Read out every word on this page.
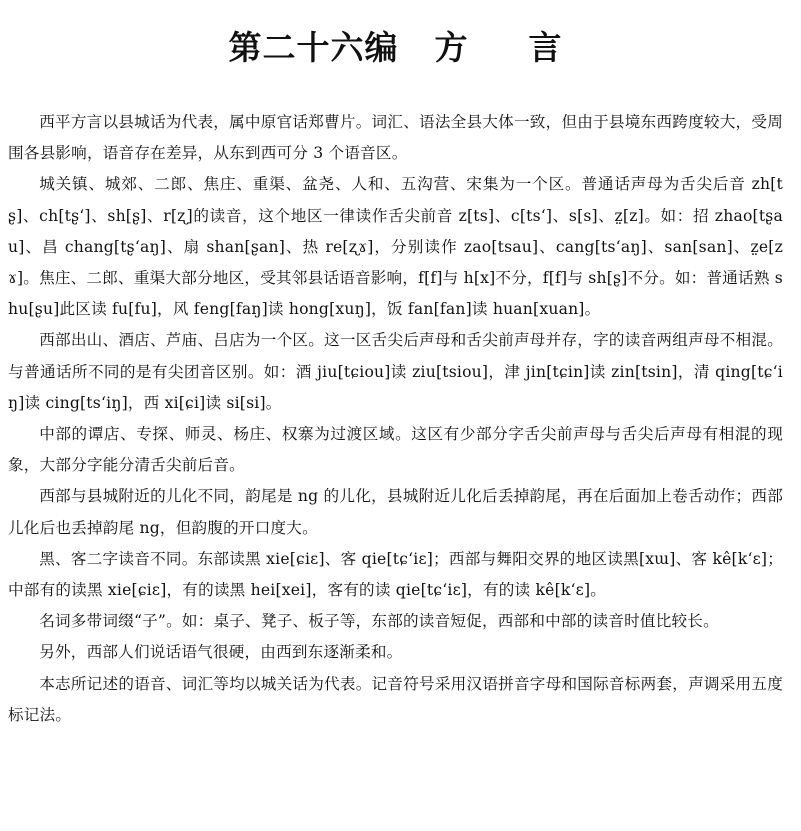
第二十六编 方 言

西平方言以县城话为代表，属中原官话郑曹片。词汇、语法全县大体一致，但由于县境东西跨度较大，受周围各县影响，语音存在差异，从东到西可分 3 个语音区。

城关镇、城郊、二郎、焦庄、重渠、盆尧、人和、五沟营、宋集为一个区。普通话声母为舌尖后音 zh[tʂ]、ch[tʂ‘]、sh[ʂ]、r[ʐ]的读音，这个地区一律读作舌尖前音 z[ts]、c[ts‘]、s[s]、z̤[z]。如：招 zhao[tʂau]、昌 chang[tʂ‘aŋ]、扇 shan[ʂan]、热 re[ʐɤ]，分别读作 zao[tsau]、cang[ts‘aŋ]、san[san]、z̤e[zɤ]。焦庄、二郎、重渠大部分地区，受其邻县话语音影响，f[f]与 h[x]不分，f[f]与 sh[ʂ]不分。如：普通话熟 shu[ʂu]此区读 fu[fu]，风 feng[faŋ]读 hong[xuŋ]，饭 fan[fan]读 huan[xuan]。

西部出山、酒店、芦庙、吕店为一个区。这一区舌尖后声母和舌尖前声母并存，字的读音两组声母不相混。与普通话所不同的是有尖团音区别。如：酒 jiu[tɕiou]读 ziu[tsiou]，津 jin[tɕin]读 zin[tsin]，清 qing[tɕ‘iŋ]读 cing[ts‘iŋ]，西 xi[ɕi]读 si[si]。

中部的谭店、专探、师灵、杨庄、权寨为过渡区域。这区有少部分字舌尖前声母与舌尖后声母有相混的现象，大部分字能分清舌尖前后音。

西部与县城附近的儿化不同，韵尾是 ng 的儿化，县城附近儿化后丢掉韵尾，再在后面加上卷舌动作；西部儿化后也丢掉韵尾 ng，但韵腹的开口度大。

黑、客二字读音不同。东部读黑 xie[ɕiɛ]、客 qie[tɕ‘iɛ]；西部与舞阳交界的地区读黑[xɯ]、客 kê[k‘ɛ]；中部有的读黑 xie[ɕiɛ]，有的读黑 hei[xei]，客有的读 qie[tɕ‘iɛ]，有的读 kê[k‘ɛ]。

名词多带词缀“子”。如：桌子、凳子、板子等，东部的读音短促，西部和中部的读音时值比较长。

另外，西部人们说话语气很硬，由西到东逐渐柔和。

本志所记述的语音、词汇等均以城关话为代表。记音符号采用汉语拼音字母和国际音标两套，声调采用五度标记法。
